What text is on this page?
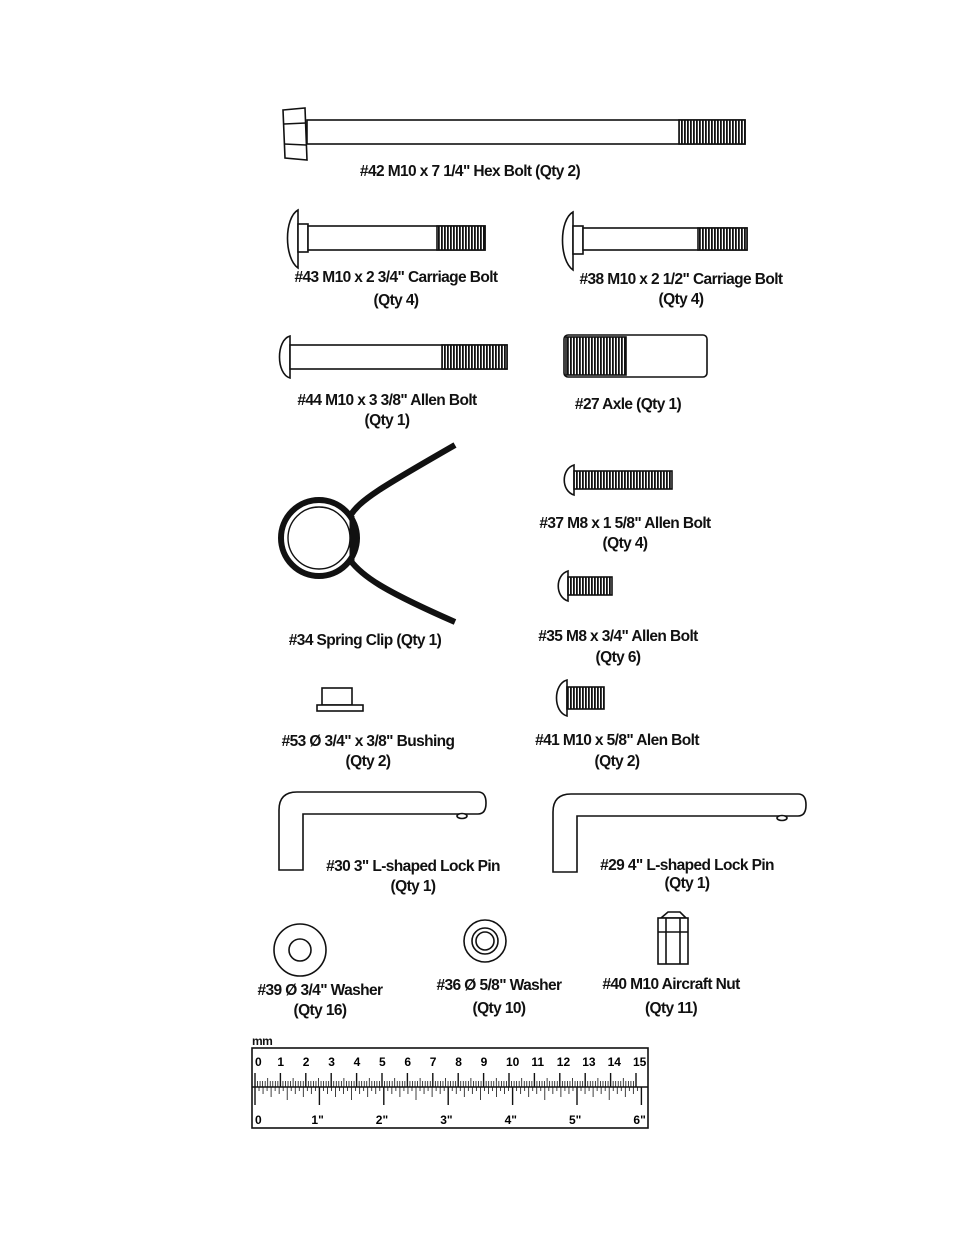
0 1 2 3 4 5 6 7 8 9 10 11 12 13 14 15
0	1"	2"	3"	4"	5"	6"
#42 M10 x 7 1/4" Hex Bolt (Qty 2)
#43 M10 x 2 3/4" Carriage Bolt
(Qty 4)
#38 M10 x 2 1/2" Carriage Bolt
(Qty 4)
#44 M10 x 3 3/8" Allen Bolt
(Qty 1)
#27 Axle (Qty 1)
#37 M8 x 1 5/8" Allen Bolt
(Qty 4)
#34 Spring Clip (Qty 1)	#35 M8 x 3/4" Allen Bolt
(Qty 6)
#53 Ø 3/4" x 3/8" Bushing
(Qty 2)
#41 M10 x 5/8" Alen Bolt
(Qty 2)
#30 3" L-shaped Lock Pin
(Qty 1)
#29 4" L-shaped Lock Pin
(Qty 1)
#39 Ø 3/4" Washer
(Qty 16)
#36 Ø 5/8" Washer
(Qty 10)
#40 M10 Aircraft Nut
(Qty 11)
mm
